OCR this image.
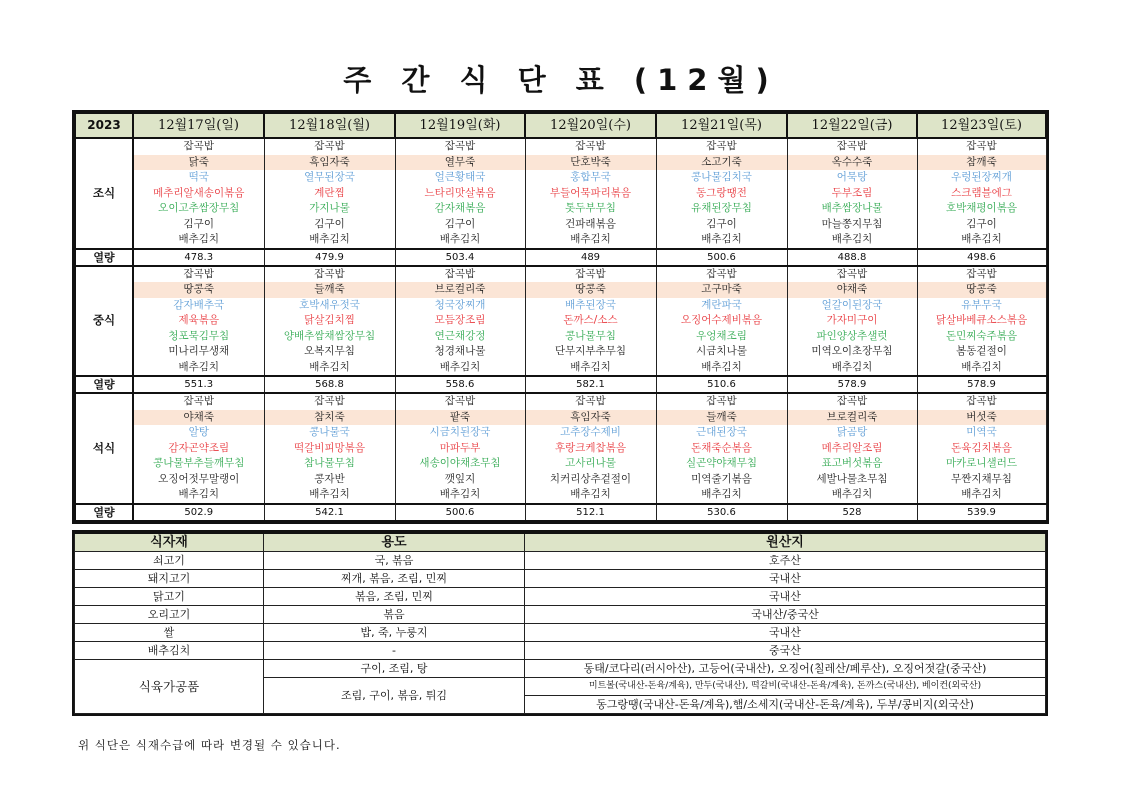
주 간 식 단 표 (12월)
2023	12월17일(일)	12월18일(월)	12월19일(화)	12월20일(수)	12월21일(목)	12월22일(금)	12월23일(토)
조식	잡곡밥	잡곡밥	잡곡밥	잡곡밥	잡곡밥	잡곡밥	잡곡밥
	닭죽	흑임자죽	열무죽	단호박죽	소고기죽	옥수수죽	참깨죽
	떡국	열무된장국	얼큰황태국	홍합무국	콩나물김치국	어묵탕	우렁된장찌개
	메추리알새송이볶음	계란찜	느타리맛살볶음	부들어묵파리볶음	동그랑땡전	두부조림	스크램블에그
	오이고추쌈장무침	가지나물	감자채볶음	톳두부무침	유채된장무침	배추쌈장나물	호박채평이볶음
	김구이	김구이	김구이	건파래볶음	김구이	마늘쫑지무침	김구이
	배추김치	배추김치	배추김치	배추김치	배추김치	배추김치	배추김치
열량	478.3	479.9	503.4	489	500.6	488.8	498.6
중식	잡곡밥	잡곡밥	잡곡밥	잡곡밥	잡곡밥	잡곡밥	잡곡밥
	땅콩죽	들깨죽	브로컬리죽	땅콩죽	고구마죽	야채죽	땅콩죽
	감자배추국	호박새우젓국	청국장찌개	배추된장국	계란파국	얼갈이된장국	유부무국
	제육볶음	닭살김치찜	모듬장조림	돈까스/소스	오징어수제비볶음	가자미구이	닭살바베큐소스볶음
	청포묵김무침	양배추쌈채쌈장무침	연근채강정	콩나물무침	우엉채조림	파인양상추샐럿	돈민찌숙주볶음
	미나리무생채	오복지무침	청경채나물	단무지부추무침	시금치나물	미역오이초장무침	봄동겉절이
	배추김치	배추김치	배추김치	배추김치	배추김치	배추김치	배추김치
열량	551.3	568.8	558.6	582.1	510.6	578.9	578.9
석식	잡곡밥	잡곡밥	잡곡밥	잡곡밥	잡곡밥	잡곡밥	잡곡밥
	야채죽	참치죽	팥죽	흑임자죽	들깨죽	브로컬리죽	버섯죽
	알탕	콩나물국	시금치된장국	고추장수제비	근대된장국	닭곰탕	미역국
	감자곤약조림	떡갈비피망볶음	마파두부	후랑크케찹볶음	돈채죽순볶음	메추리알조림	돈육김치볶음
	콩나물부추들깨무침	참나물무침	새송이야채초무침	고사리나물	실곤약야채무침	표고버섯볶음	마카로니샐러드
	오징어젓무말랭이	콩자반	깻잎지	치커리상추겉절이	미역줄기볶음	세발나물초무침	무짠지채무침
	배추김치	배추김치	배추김치	배추김치	배추김치	배추김치	배추김치
열량	502.9	542.1	500.6	512.1	530.6	528	539.9
식자재	용도	원산지
쇠고기	국, 볶음	호주산
돼지고기	찌개, 볶음, 조림, 민찌	국내산
닭고기	볶음, 조림, 민찌	국내산
오리고기	볶음	국내산/중국산
쌀	밥, 죽, 누룽지	국내산
배추김치	-	중국산
식육가공품	구이, 조림, 탕	동태/코다리(러시아산), 고등어(국내산), 오징어(칠레산/페루산), 오징어젓갈(중국산)
	조림, 구이, 볶음, 튀김	미트볼(국내산-돈육/계육), 만두(국내산), 떡갈비(국내산-돈육/계육), 돈까스(국내산), 베이컨(외국산)
		동그랑땡(국내산-돈육/계육),햄/소세지(국내산-돈육/계육), 두부/콩비지(외국산)
위 식단은 식재수급에 따라 변경될 수 있습니다.
